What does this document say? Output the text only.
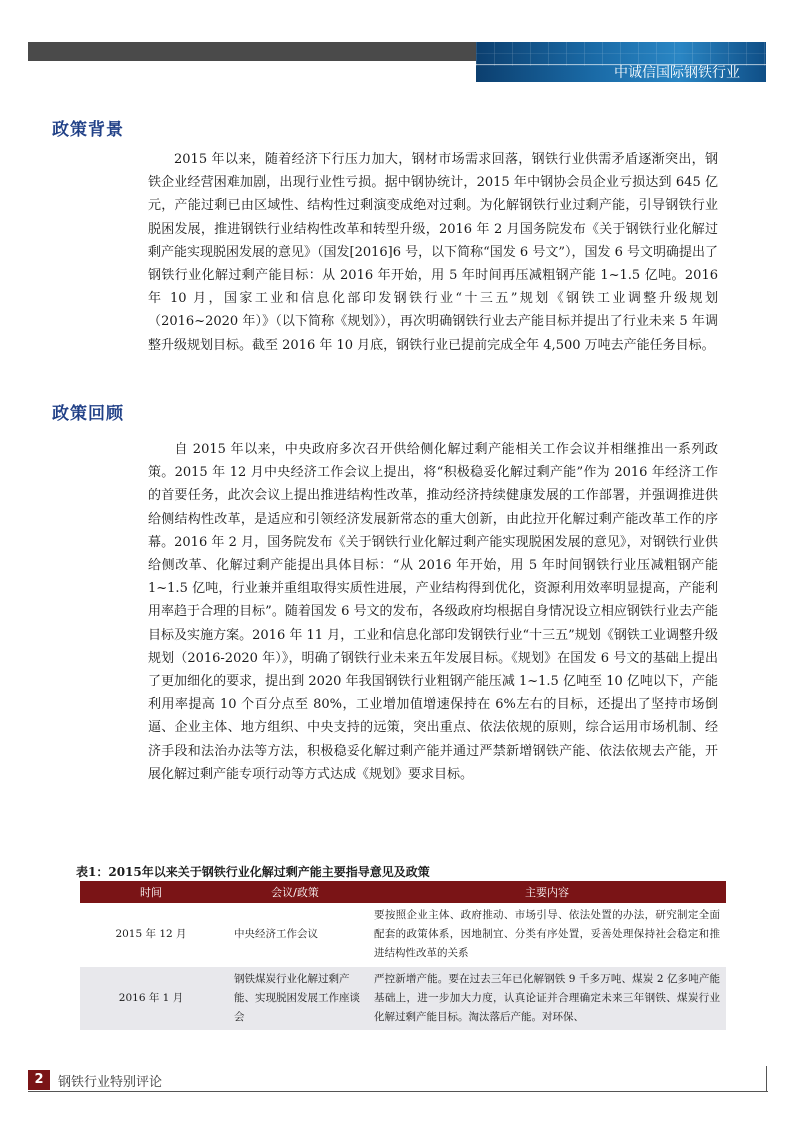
中诚信国际钢铁行业
政策背景

2015 年以来，随着经济下行压力加大，钢材市场需求回落，钢铁行业供需矛盾逐渐突出，钢铁企业经营困难加剧，出现行业性亏损。据中钢协统计，2015 年中钢协会员企业亏损达到 645 亿元，产能过剩已由区域性、结构性过剩演变成绝对过剩。为化解钢铁行业过剩产能，引导钢铁行业脱困发展，推进钢铁行业结构性改革和转型升级，2016 年 2 月国务院发布《关于钢铁行业化解过剩产能实现脱困发展的意见》（国发[2016]6 号，以下简称“国发 6 号文”），国发 6 号文明确提出了钢铁行业化解过剩产能目标：从 2016 年开始，用 5 年时间再压减粗钢产能 1~1.5 亿吨。2016 年 10 月，国家工业和信息化部印发钢铁行业“十三五”规划《钢铁工业调整升级规划（2016~2020 年）》（以下简称《规划》），再次明确钢铁行业去产能目标并提出了行业未来 5 年调整升级规划目标。截至 2016 年 10 月底，钢铁行业已提前完成全年 4,500 万吨去产能任务目标。

政策回顾

自 2015 年以来，中央政府多次召开供给侧化解过剩产能相关工作会议并相继推出一系列政策。2015 年 12 月中央经济工作会议上提出，将“积极稳妥化解过剩产能”作为 2016 年经济工作的首要任务，此次会议上提出推进结构性改革，推动经济持续健康发展的工作部署，并强调推进供给侧结构性改革，是适应和引领经济发展新常态的重大创新，由此拉开化解过剩产能改革工作的序幕。2016 年 2 月，国务院发布《关于钢铁行业化解过剩产能实现脱困发展的意见》，对钢铁行业供给侧改革、化解过剩产能提出具体目标：“从 2016 年开始，用 5 年时间钢铁行业压减粗钢产能 1~1.5 亿吨，行业兼并重组取得实质性进展，产业结构得到优化，资源利用效率明显提高，产能利用率趋于合理的目标”。随着国发 6 号文的发布，各级政府均根据自身情况设立相应钢铁行业去产能目标及实施方案。2016 年 11 月，工业和信息化部印发钢铁行业“十三五”规划《钢铁工业调整升级规划（2016-2020 年）》，明确了钢铁行业未来五年发展目标。《规划》在国发 6 号文的基础上提出了更加细化的要求，提出到 2020 年我国钢铁行业粗钢产能压减 1~1.5 亿吨至 10 亿吨以下，产能利用率提高 10 个百分点至 80%，工业增加值增速保持在 6%左右的目标，还提出了坚持市场倒逼、企业主体、地方组织、中央支持的远策，突出重点、依法依规的原则，综合运用市场机制、经济手段和法治办法等方法，积极稳妥化解过剩产能并通过严禁新增钢铁产能、依法依规去产能，开展化解过剩产能专项行动等方式达成《规划》要求目标。

表1：2015年以来关于钢铁行业化解过剩产能主要指导意见及政策
时间	会议/政策	主要内容
2015 年 12 月	中央经济工作会议	要按照企业主体、政府推动、市场引导、依法处置的办法，研究制定全面配套的政策体系，因地制宜、分类有序处置，妥善处理保持社会稳定和推进结构性改革的关系
2016 年 1 月	钢铁煤炭行业化解过剩产能、实现脱困发展工作座谈会	严控新增产能。要在过去三年已化解钢铁 9 千多万吨、煤炭 2 亿多吨产能基础上，进一步加大力度，认真论证并合理确定未来三年钢铁、煤炭行业化解过剩产能目标。淘汰落后产能。对环保、
2	钢铁行业特别评论
